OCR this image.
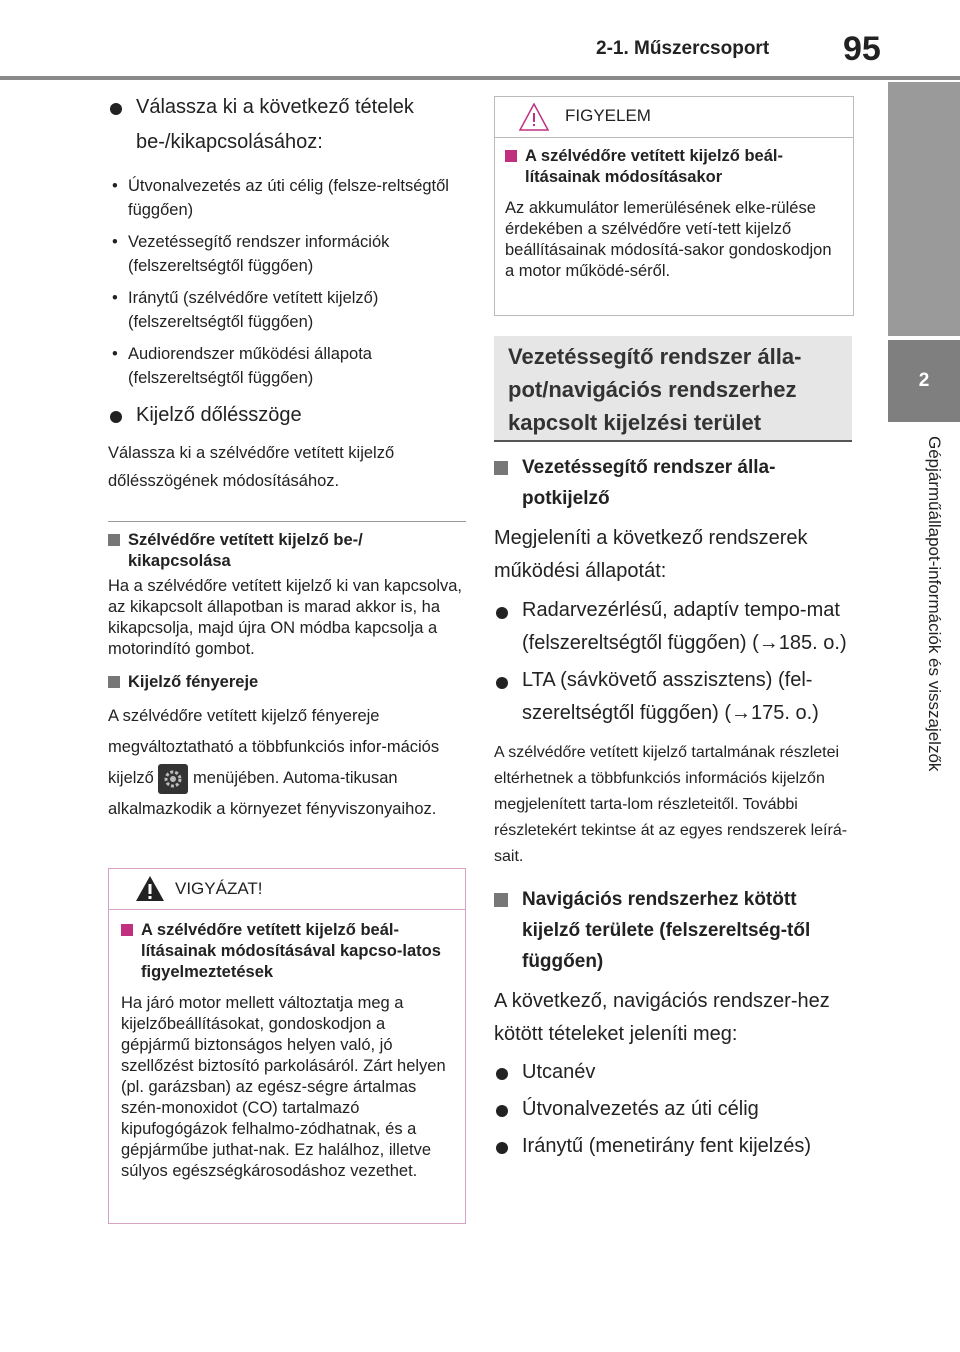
2-1. Műszercsoport 95
2
Gépjárműállapot-információk és visszajelzők
Válassza ki a következő tételek be-/kikapcsolásához:
• Útvonalvezetés az úti célig (felsze-reltségtől függően)
• Vezetéssegítő rendszer információk (felszereltségtől függően)
• Iránytű (szélvédőre vetített kijelző) (felszereltségtől függően)
• Audiorendszer működési állapota (felszereltségtől függően)
Kijelző dőlésszöge
Válassza ki a szélvédőre vetített kijelző dőlésszögének módosításához.
Szélvédőre vetített kijelző be-/ kikapcsolása
Ha a szélvédőre vetített kijelző ki van kapcsolva, az kikapcsolt állapotban is marad akkor is, ha kikapcsolja, majd újra ON módba kapcsolja a motorindító gombot.
Kijelző fényereje
A szélvédőre vetített kijelző fényereje megváltoztatható a többfunkciós infor-mációs kijelző menüjében. Automa-tikusan alkalmazkodik a környezet fényviszonyaihoz.
VIGYÁZAT!
A szélvédőre vetített kijelző beál-lításainak módosításával kapcso-latos figyelmeztetések
Ha járó motor mellett változtatja meg a kijelzőbeállításokat, gondoskodjon a gépjármű biztonságos helyen való, jó szellőzést biztosító parkolásáról. Zárt helyen (pl. garázsban) az egész-ségre ártalmas szén-monoxidot (CO) tartalmazó kipufogógázok felhalmo-zódhatnak, és a gépjárműbe juthat-nak. Ez halálhoz, illetve súlyos egészségkárosodáshoz vezethet.
FIGYELEM
A szélvédőre vetített kijelző beál-lításainak módosításakor
Az akkumulátor lemerülésének elke-rülése érdekében a szélvédőre vetí-tett kijelző beállításainak módosítá-sakor gondoskodjon a motor működé-séről.
Vezetéssegítő rendszer álla-pot/navigációs rendszerhez kapcsolt kijelzési terület
Vezetéssegítő rendszer álla-potkijelző
Megjeleníti a következő rendszerek működési állapotát:
Radarvezérlésű, adaptív tempo-mat (felszereltségtől függően) (→185. o.)
LTA (sávkövető asszisztens) (fel-szereltségtől függően) (→175. o.)
A szélvédőre vetített kijelző tartalmának részletei eltérhetnek a többfunkciós információs kijelzőn megjelenített tarta-lom részleteitől. További részletekért tekintse át az egyes rendszerek leírá-sait.
Navigációs rendszerhez kötött kijelző területe (felszereltség-től függően)
A következő, navigációs rendszer-hez kötött tételeket jeleníti meg:
Utcanév
Útvonalvezetés az úti célig
Iránytű (menetirány fent kijelzés)
